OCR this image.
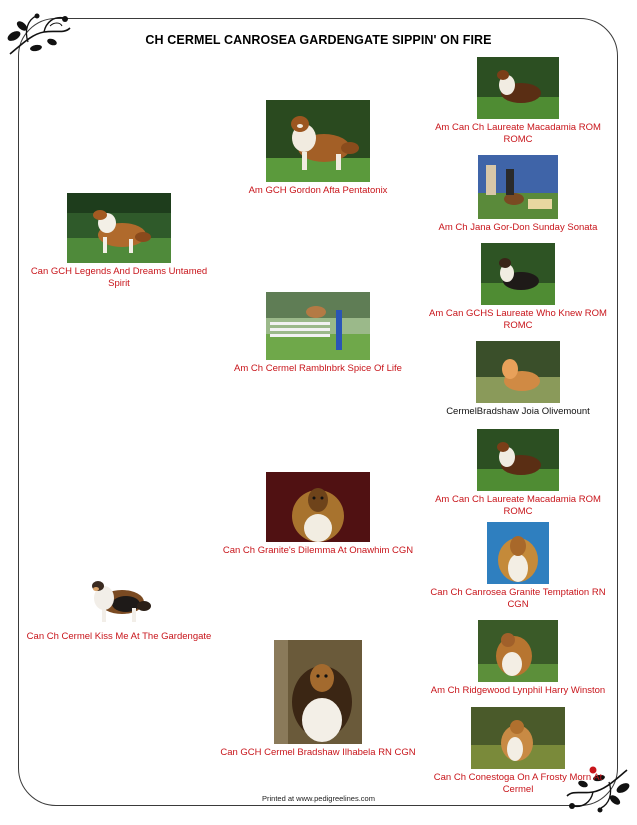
CH CERMEL CANROSEA GARDENGATE SIPPIN' ON FIRE
Can GCH Legends And Dreams Untamed Spirit
Can Ch Cermel Kiss Me At The Gardengate
Am GCH Gordon Afta Pentatonix
Am Ch Cermel Ramblnbrk Spice Of Life
Can Ch Granite's Dilemma At Onawhim CGN
Can GCH Cermel Bradshaw Ilhabela RN CGN
Am Can Ch Laureate Macadamia ROM ROMC
Am Ch Jana Gor-Don Sunday Sonata
Am Can GCHS Laureate Who Knew ROM ROMC
CermelBradshaw Joia Olivemount
Am Can Ch Laureate Macadamia ROM ROMC
Can Ch Canrosea Granite Temptation RN CGN
Am Ch Ridgewood Lynphil Harry Winston
Can Ch Conestoga On A Frosty Morn At Cermel
Printed at www.pedigreelines.com
